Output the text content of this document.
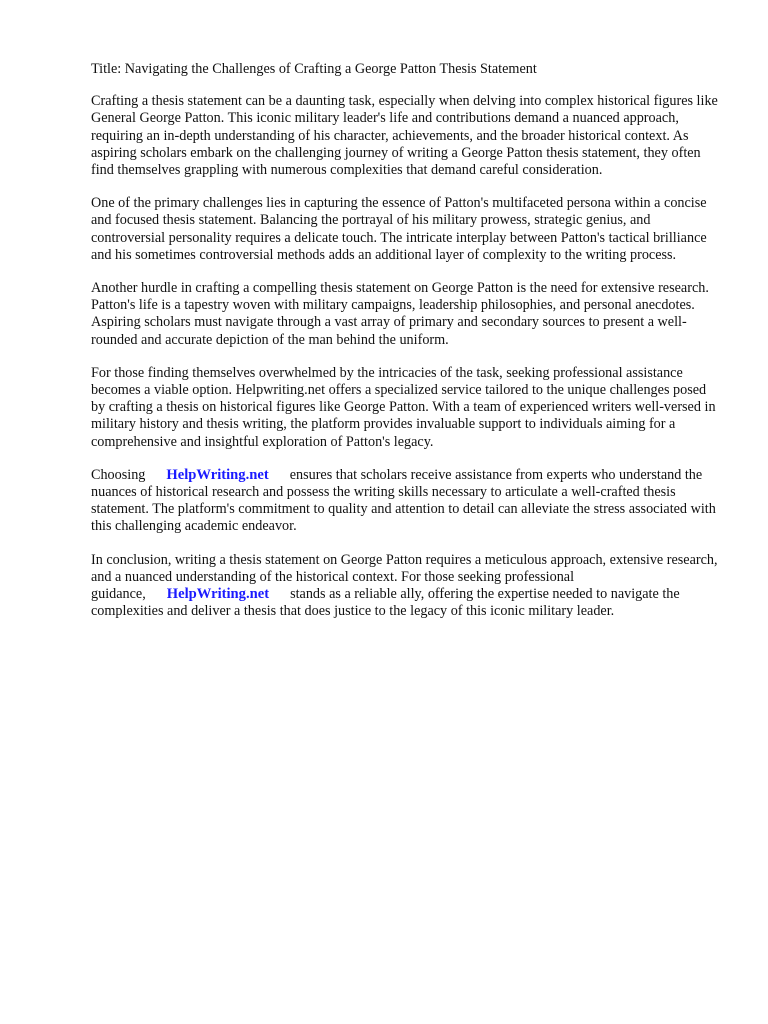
Title: Navigating the Challenges of Crafting a George Patton Thesis Statement

Crafting a thesis statement can be a daunting task, especially when delving into complex historical figures like General George Patton. This iconic military leader's life and contributions demand a nuanced approach, requiring an in-depth understanding of his character, achievements, and the broader historical context. As aspiring scholars embark on the challenging journey of writing a George Patton thesis statement, they often find themselves grappling with numerous complexities that demand careful consideration.

One of the primary challenges lies in capturing the essence of Patton's multifaceted persona within a concise and focused thesis statement. Balancing the portrayal of his military prowess, strategic genius, and controversial personality requires a delicate touch. The intricate interplay between Patton's tactical brilliance and his sometimes controversial methods adds an additional layer of complexity to the writing process.

Another hurdle in crafting a compelling thesis statement on George Patton is the need for extensive research. Patton's life is a tapestry woven with military campaigns, leadership philosophies, and personal anecdotes. Aspiring scholars must navigate through a vast array of primary and secondary sources to present a well-rounded and accurate depiction of the man behind the uniform.

For those finding themselves overwhelmed by the intricacies of the task, seeking professional assistance becomes a viable option. Helpwriting.net offers a specialized service tailored to the unique challenges posed by crafting a thesis on historical figures like George Patton. With a team of experienced writers well-versed in military history and thesis writing, the platform provides invaluable support to individuals aiming for a comprehensive and insightful exploration of Patton's legacy.

Choosing HelpWriting.net ensures that scholars receive assistance from experts who understand the nuances of historical research and possess the writing skills necessary to articulate a well-crafted thesis statement. The platform's commitment to quality and attention to detail can alleviate the stress associated with this challenging academic endeavor.

In conclusion, writing a thesis statement on George Patton requires a meticulous approach, extensive research, and a nuanced understanding of the historical context. For those seeking professional guidance, HelpWriting.net stands as a reliable ally, offering the expertise needed to navigate the complexities and deliver a thesis that does justice to the legacy of this iconic military leader.
